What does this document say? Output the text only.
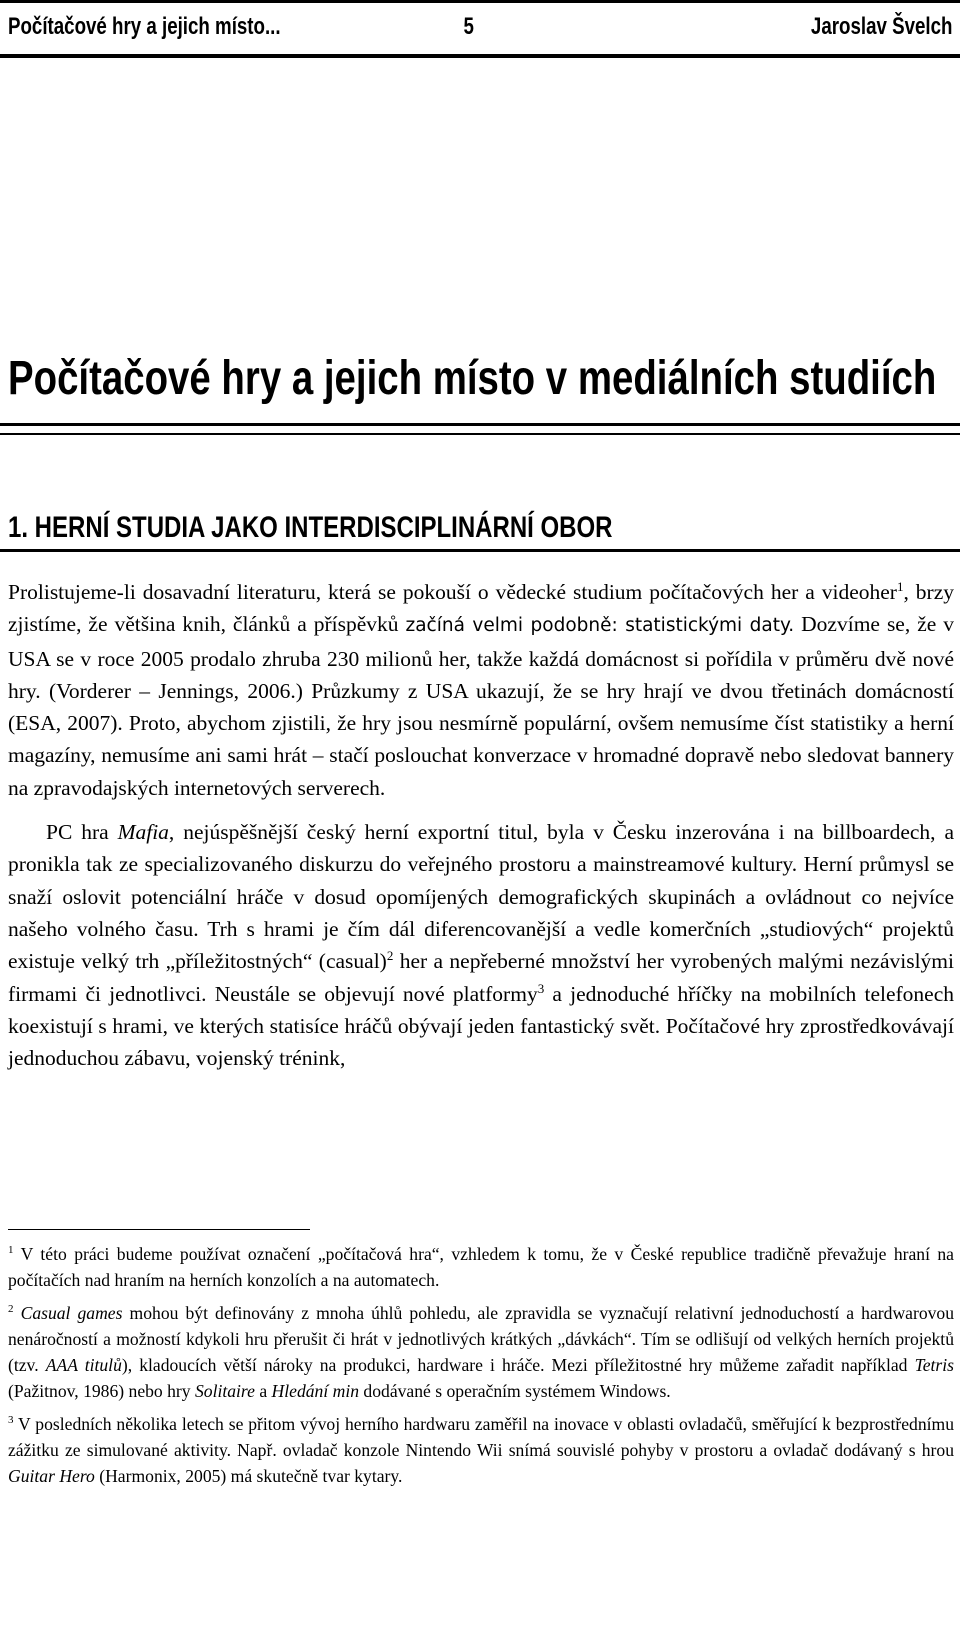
Počítačové hry a jejich místo...	5	Jaroslav Švelch
Počítačové hry a jejich místo v mediálních studiích
1. HERNÍ STUDIA JAKO INTERDISCIPLINÁRNÍ OBOR

Prolistujeme-li dosavadní literaturu, která se pokouší o vědecké studium počítačových her a videoher$^1$, brzy zjistíme, že většina knih, článků a příspěvků začíná velmi podobně: statistickými daty. Dozvíme se, že v USA se v roce 2005 prodalo zhruba 230 milionů her, takže každá domácnost si pořídila v průměru dvě nové hry. (Vorderer – Jennings, 2006.) Průzkumy z USA ukazují, že se hry hrají ve dvou třetinách domácností (ESA, 2007). Proto, abychom zjistili, že hry jsou nesmírně populární, ovšem nemusíme číst statistiky a herní magazíny, nemusíme ani sami hrát – stačí poslouchat konverzace v hromadné dopravě nebo sledovat bannery na zpravodajských internetových serverech.

PC hra Mafia, nejúspěšnější český herní exportní titul, byla v Česku inzerována i na billboardech, a pronikla tak ze specializovaného diskurzu do veřejného prostoru a mainstreamové kultury. Herní průmysl se snaží oslovit potenciální hráče v dosud opomíjených demografických skupinách a ovládnout co nejvíce našeho volného času. Trh s hrami je čím dál diferencovanější a vedle komerčních „studiových“ projektů existuje velký trh „příležitostných“ (casual)$^2$ her a nepřeberné množství her vyrobených malými nezávislými firmami či jednotlivci. Neustále se objevují nové platformy$^3$ a jednoduché hříčky na mobilních telefonech koexistují s hrami, ve kterých statisíce hráčů obývají jeden fantastický svět. Počítačové hry zprostředkovávají jednoduchou zábavu, vojenský trénink,

$^1$ V této práci budeme používat označení „počítačová hra“, vzhledem k tomu, že v České republice tradičně převažuje hraní na počítačích nad hraním na herních konzolích a na automatech.

$^2$ Casual games mohou být definovány z mnoha úhlů pohledu, ale zpravidla se vyznačují relativní jednoduchostí a hardwarovou nenáročností a možností kdykoli hru přerušit či hrát v jednotlivých krátkých „dávkách“. Tím se odlišují od velkých herních projektů (tzv. AAA titulů), kladoucích větší nároky na produkci, hardware i hráče. Mezi příležitostné hry můžeme zařadit například Tetris (Pažitnov, 1986) nebo hry Solitaire a Hledání min dodávané s operačním systémem Windows.

$^3$ V posledních několika letech se přitom vývoj herního hardwaru zaměřil na inovace v oblasti ovladačů, směřující k bezprostřednímu zážitku ze simulované aktivity. Např. ovladač konzole Nintendo Wii snímá souvislé pohyby v prostoru a ovladač dodávaný s hrou Guitar Hero (Harmonix, 2005) má skutečně tvar kytary.
